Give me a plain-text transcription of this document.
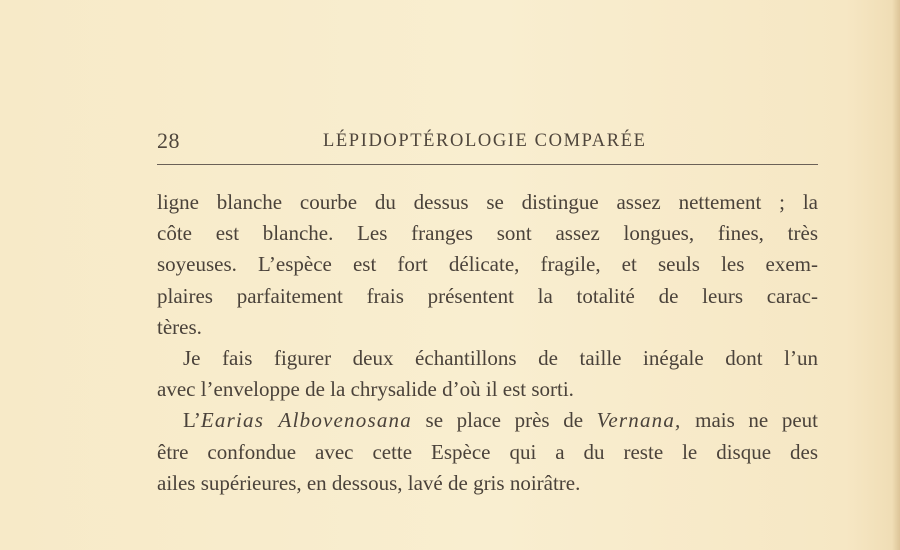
28	LÉPIDOPTÉROLOGIE COMPARÉE
ligne blanche courbe du dessus se distingue assez nettement ; la
côte est blanche. Les franges sont assez longues, fines, très
soyeuses. L’espèce est fort délicate, fragile, et seuls les exem-
plaires parfaitement frais présentent la totalité de leurs carac-
tères.
Je fais figurer deux échantillons de taille inégale dont l’un
avec l’enveloppe de la chrysalide d’où il est sorti.
L’Earias Albovenosana se place près de Vernana, mais ne peut
être confondue avec cette Espèce qui a du reste le disque des
ailes supérieures, en dessous, lavé de gris noirâtre.
